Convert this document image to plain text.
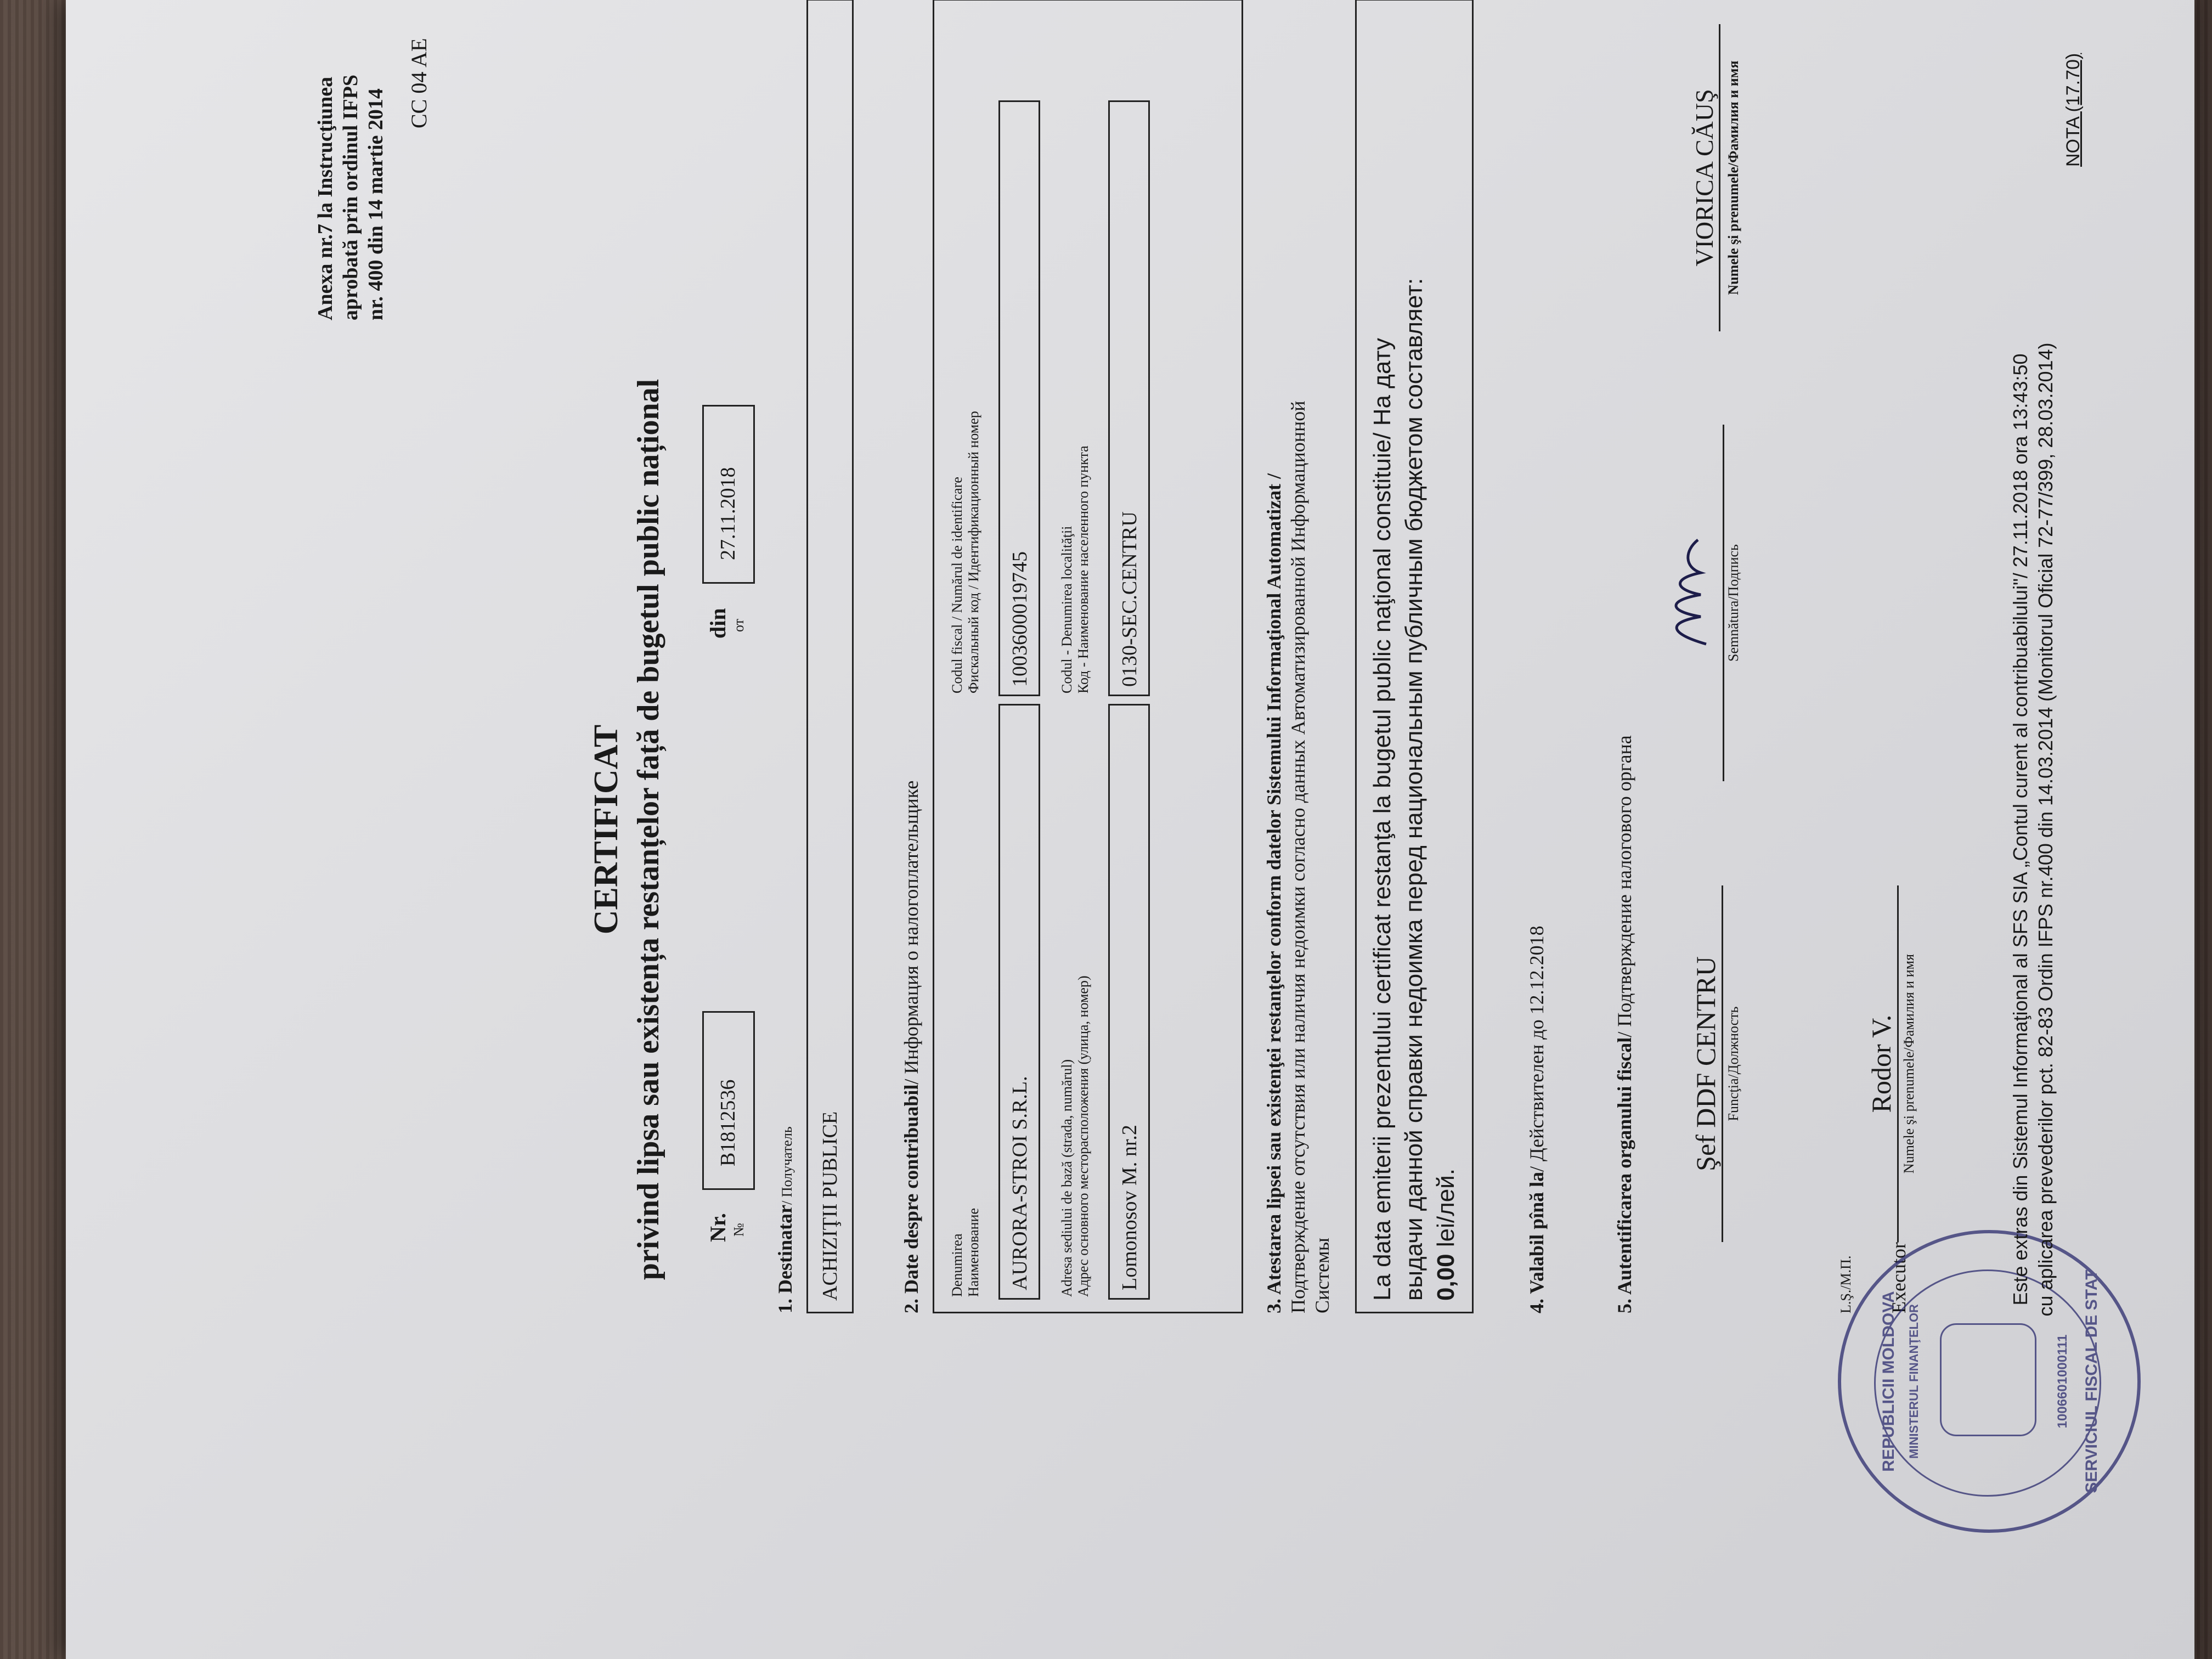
Anexa nr.7 la Instrucţiunea aprobată prin ordinul IFPS nr. 400 din 14 martie 2014
CC 04 AE
CERTIFICAT privind lipsa sau existența restanțelor față de bugetul public național Nr. №
B1812536
din от
27.11.2018
1. Destinatar/ Получатель ACHIZIŢII PUBLICE	2. Date despre contribuabil/ Информация о налогоплательщике
Denumirea Наименование AURORA-STROI S.R.L.
Codul fiscal / Numărul de identificare Фискальный код / Идентификационный номер 1003600019745
Adresa sediului de bază (strada, numărul) Адрес основного месторасположения (улица, номер) Lomonosov M. nr.2
Codul - Denumirea localităţii Код - Наименование населенного пункта 0130-SEC.CENTRU	3. Atestarea lipsei sau existenţei restanţelor conform datelor Sistemului Informaţional Automatizat / Подтверждение отсутствия или наличия недоимки согласно данных Автоматизированной Информационной Системы La data emiterii prezentului certificat restanţa la bugetul public naţional constituie/ На дату выдачи данной справки недоимка перед национальным публичным бюджетом составляет: 0,00 lei/лей.	4. Valabil pînă la/ Действителен до 12.12.2018	5. Autentificarea organului fiscal/ Подтверждение налогового органа
Şef DDF CENTRU Funcţia/Должность
Semnătura/Подпись
VIORICA CĂUŞ Numele şi prenumele/Фамилия и имя
L.Ş./М.П. Executor
Rodor V. Numele şi prenumele/Фамилия и имя
REPUBLICII MOLDOVA	SERVICIUL FISCAL DE STAT
MINISTERUL FINANŢELOR	1006601000111
Este extras din Sistemul Informaţional al SFS SIA „Contul curent al contribuabilului"/ 27.11.2018 ora 13:43:50 cu aplicarea prevederilor pct. 82-83 Ordin IFPS nr.400 din 14.03.2014 (Monitorul Oficial 72-77/399, 28.03.2014)
NOTA (17.70)
